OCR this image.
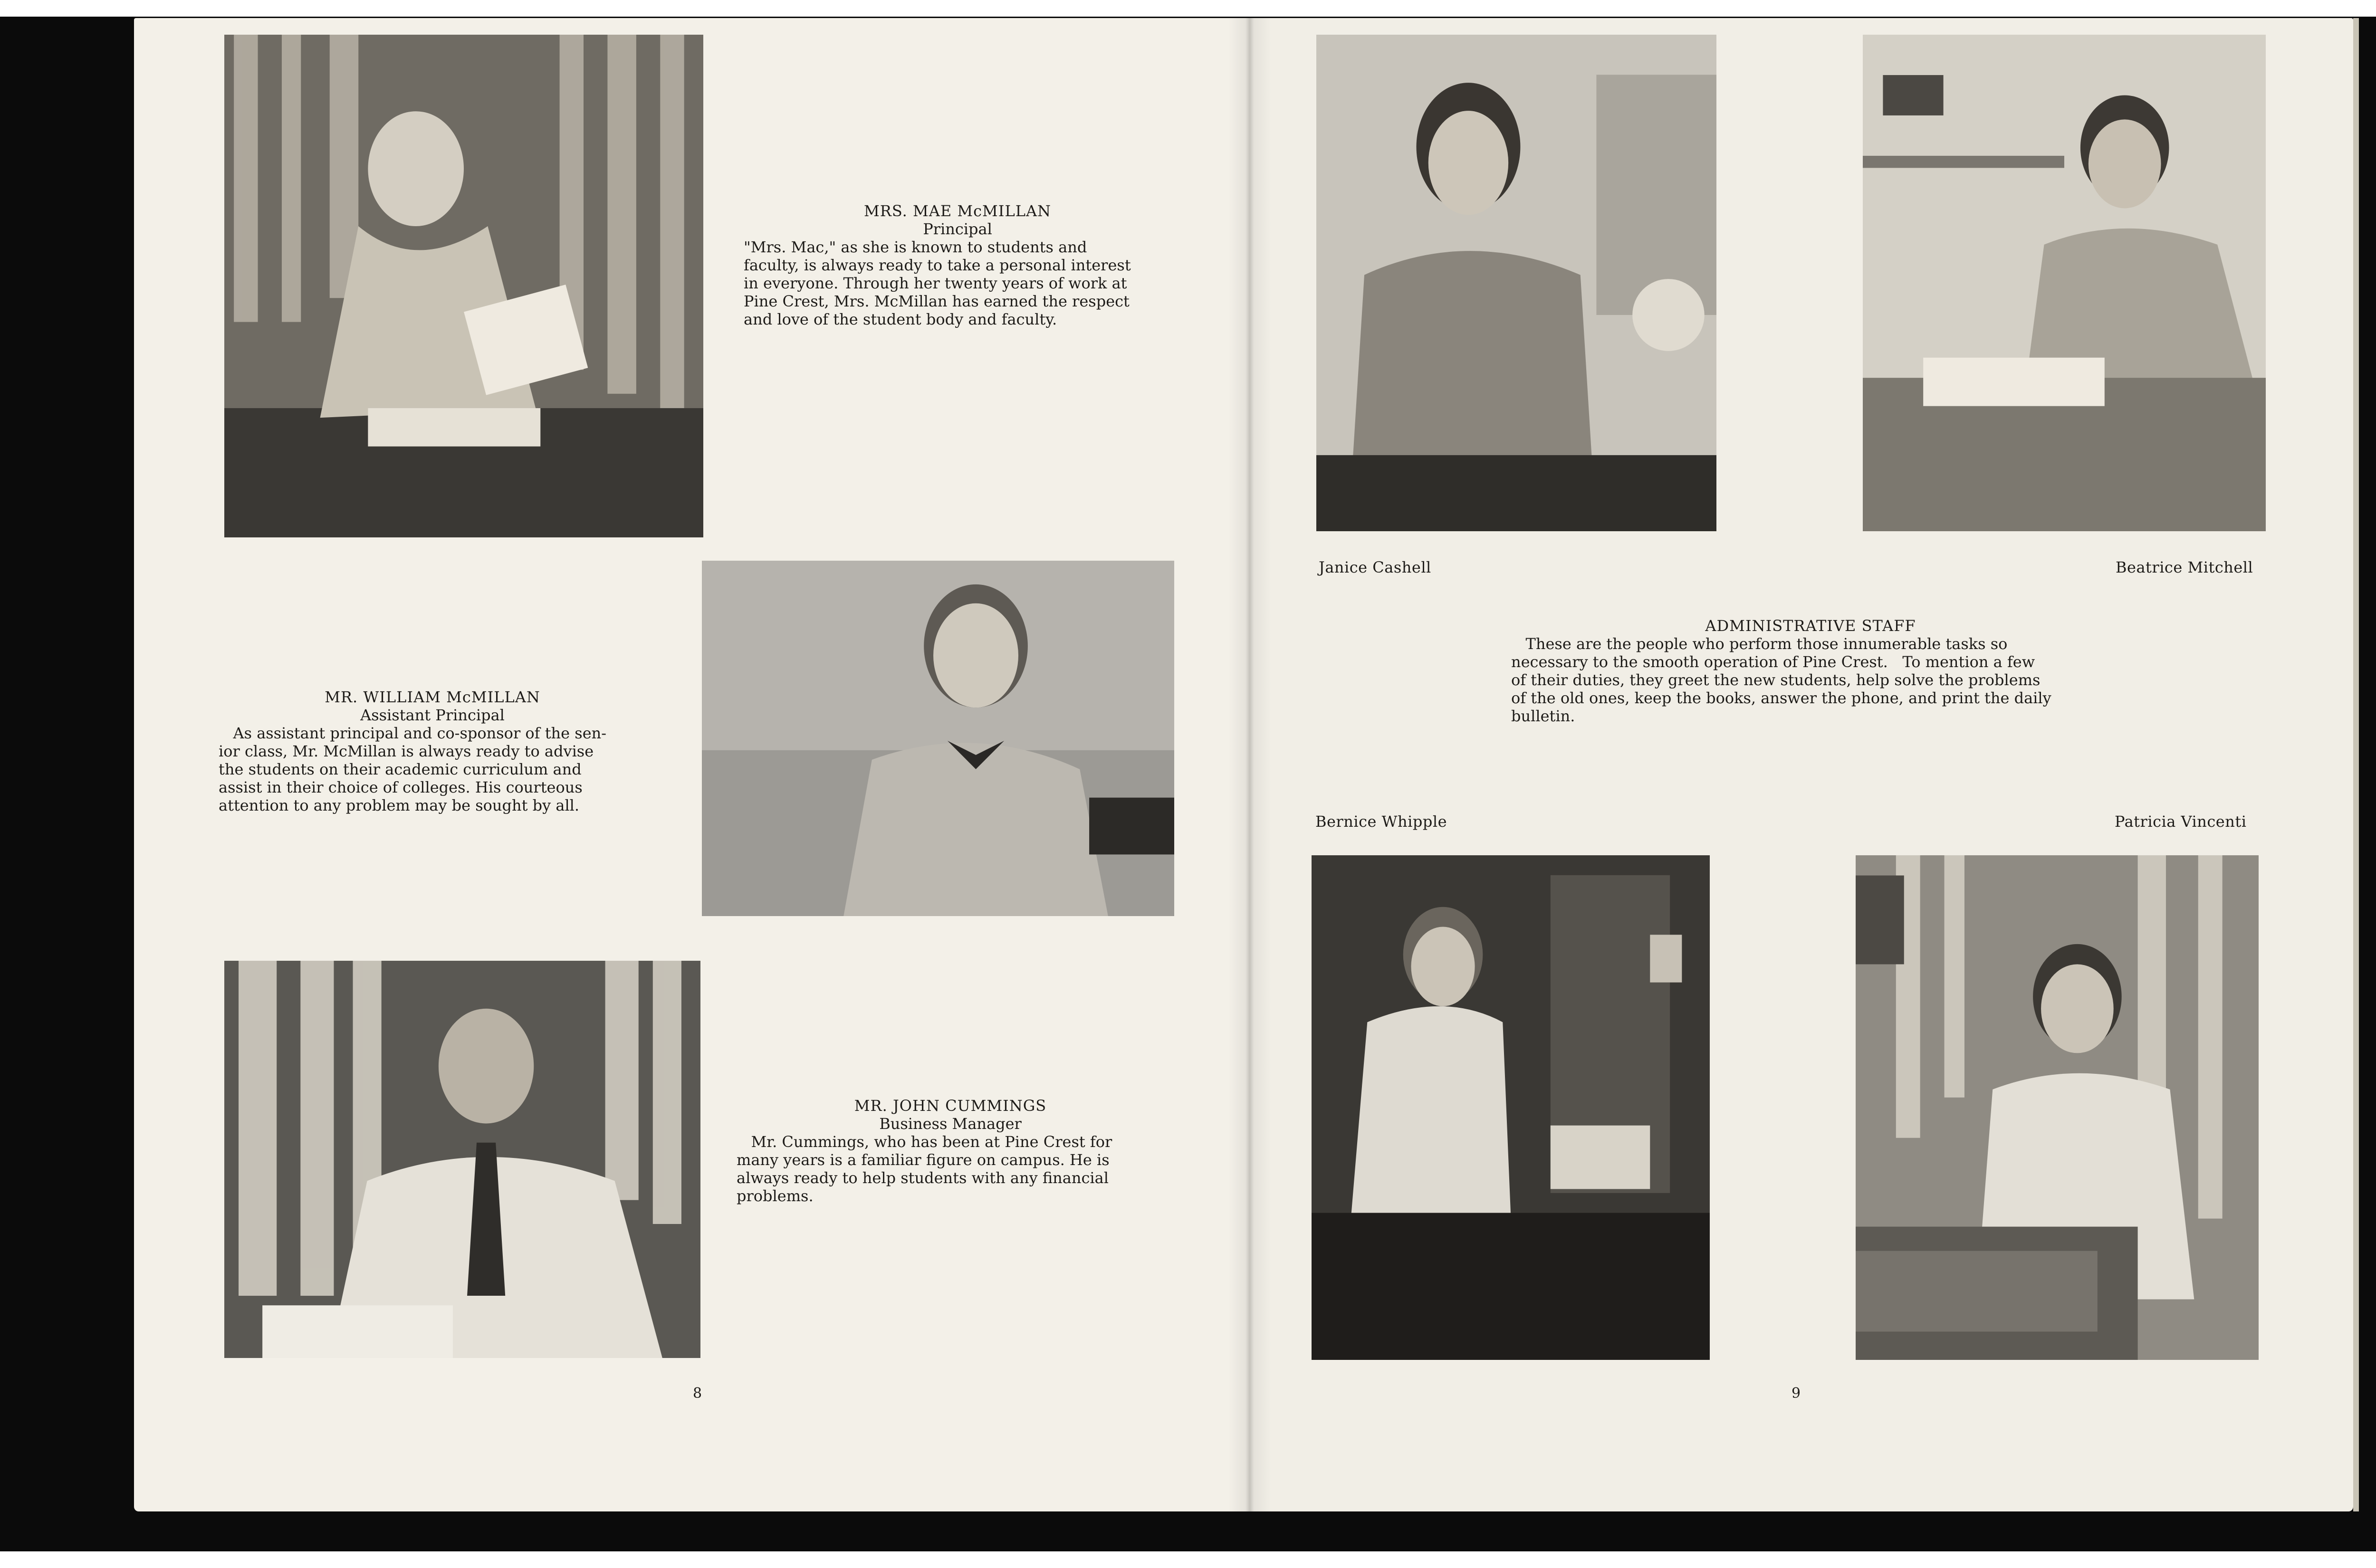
MRS. MAE McMILLAN
Principal
"Mrs. Mac," as she is known to students and
faculty, is always ready to take a personal interest
in everyone. Through her twenty years of work at
Pine Crest, Mrs. McMillan has earned the respect
and love of the student body and faculty.
MR. WILLIAM McMILLAN
Assistant Principal
As assistant principal and co-sponsor of the sen-
ior class, Mr. McMillan is always ready to advise
the students on their academic curriculum and
assist in their choice of colleges. His courteous
attention to any problem may be sought by all.
MR. JOHN CUMMINGS
Business Manager
Mr. Cummings, who has been at Pine Crest for
many years is a familiar figure on campus. He is
always ready to help students with any financial
problems.
8
Janice Cashell	Beatrice Mitchell
ADMINISTRATIVE STAFF
These are the people who perform those innumerable tasks so
necessary to the smooth operation of Pine Crest.   To mention a few
of their duties, they greet the new students, help solve the problems
of the old ones, keep the books, answer the phone, and print the daily
bulletin.
Bernice Whipple	Patricia Vincenti
9
